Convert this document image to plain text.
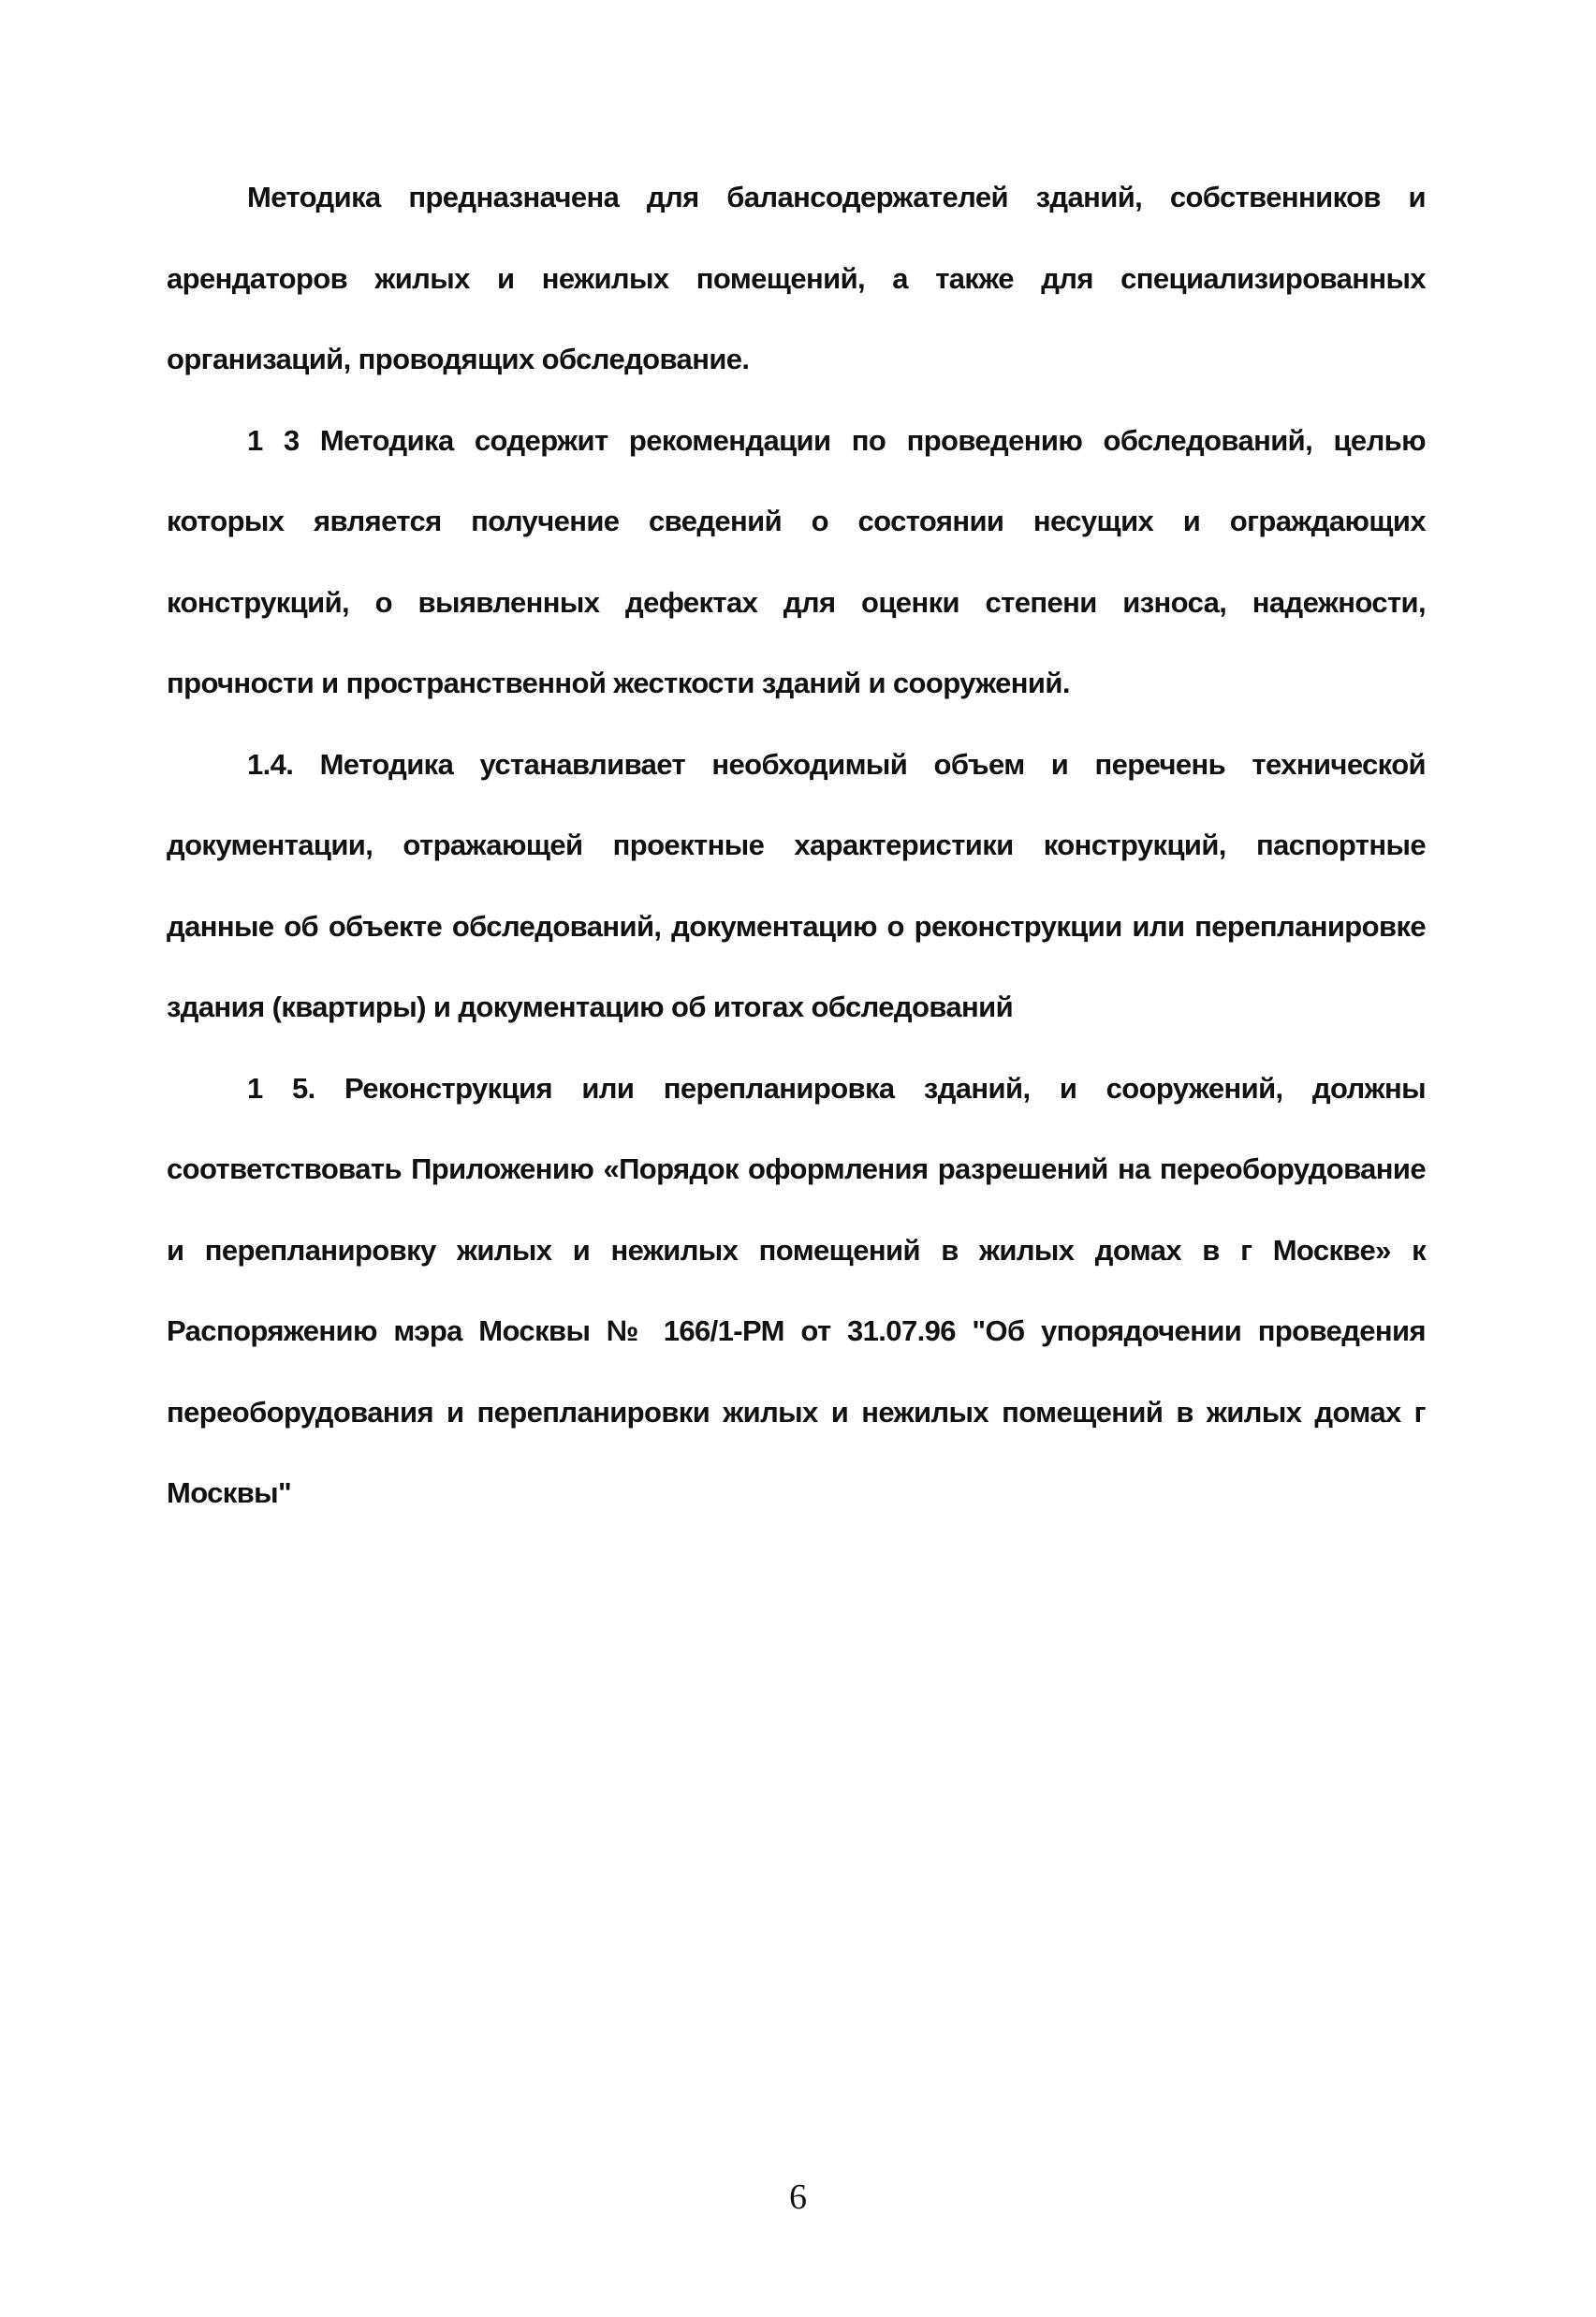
Методика предназначена для балансодержателей зданий, собственников и арендаторов жилых и нежилых помещений, а также для специализированных организаций, проводящих обследование.

1 3 Методика содержит рекомендации по проведению обследований, целью которых является получение сведений о состоянии несущих и ограждающих конструкций, о выявленных дефектах для оценки степени износа, надежности, прочности и пространственной жесткости зданий и сооружений.

1.4. Методика устанавливает необходимый объем и перечень технической документации, отражающей проектные характеристики конструкций, паспортные данные об объекте обследований, документацию о реконструкции или перепланировке здания (квартиры) и документацию об итогах обследований

1 5. Реконструкция или перепланировка зданий, и сооружений, должны соответствовать Приложению «Порядок оформления разрешений на переоборудование и перепланировку жилых и нежилых помещений в жилых домах в г Москве» к Распоряжению мэра Москвы № 166/1-РМ от 31.07.96 "Об упорядочении проведения переоборудования и перепланировки жилых и нежилых помещений в жилых домах г Москвы"

6
